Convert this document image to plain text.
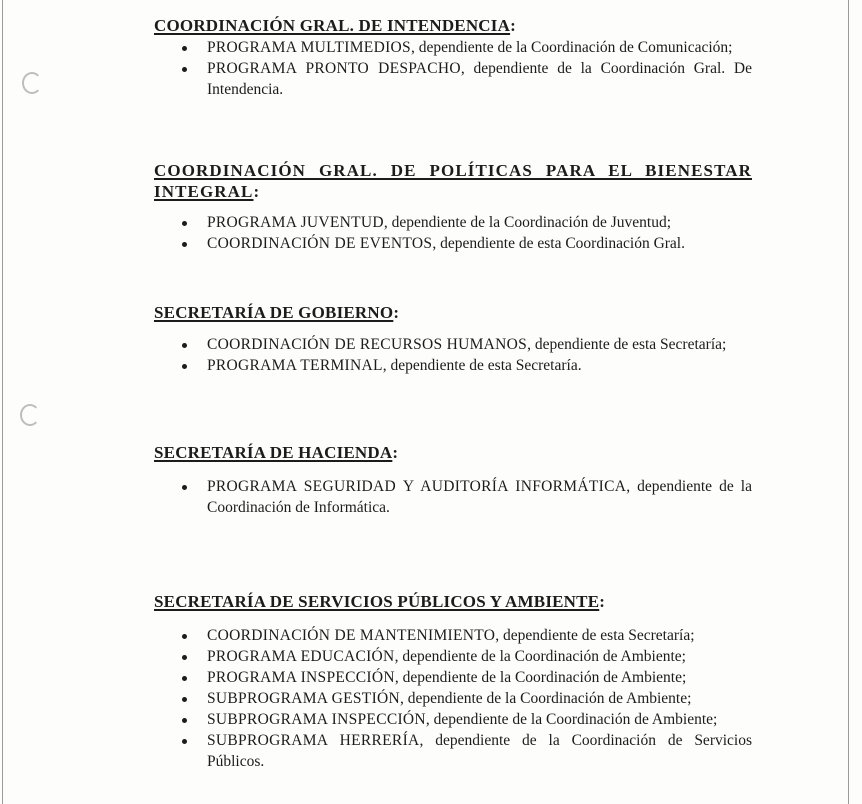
COORDINACIÓN GRAL. DE INTENDENCIA:

PROGRAMA MULTIMEDIOS, dependiente de la Coordinación de Comunicación;
PROGRAMA PRONTO DESPACHO, dependiente de la Coordinación Gral. De Intendencia.

COORDINACIÓN GRAL. DE POLÍTICAS PARA EL BIENESTAR INTEGRAL:

PROGRAMA JUVENTUD, dependiente de la Coordinación de Juventud;
COORDINACIÓN DE EVENTOS, dependiente de esta Coordinación Gral.

SECRETARÍA DE GOBIERNO:

COORDINACIÓN DE RECURSOS HUMANOS, dependiente de esta Secretaría;
PROGRAMA TERMINAL, dependiente de esta Secretaría.

SECRETARÍA DE HACIENDA:

PROGRAMA SEGURIDAD Y AUDITORÍA INFORMÁTICA, dependiente de la Coordinación de Informática.

SECRETARÍA DE SERVICIOS PÚBLICOS Y AMBIENTE:

COORDINACIÓN DE MANTENIMIENTO, dependiente de esta Secretaría;
PROGRAMA EDUCACIÓN, dependiente de la Coordinación de Ambiente;
PROGRAMA INSPECCIÓN, dependiente de la Coordinación de Ambiente;
SUBPROGRAMA GESTIÓN, dependiente de la Coordinación de Ambiente;
SUBPROGRAMA INSPECCIÓN, dependiente de la Coordinación de Ambiente;
SUBPROGRAMA HERRERÍA, dependiente de la Coordinación de Servicios Públicos.
